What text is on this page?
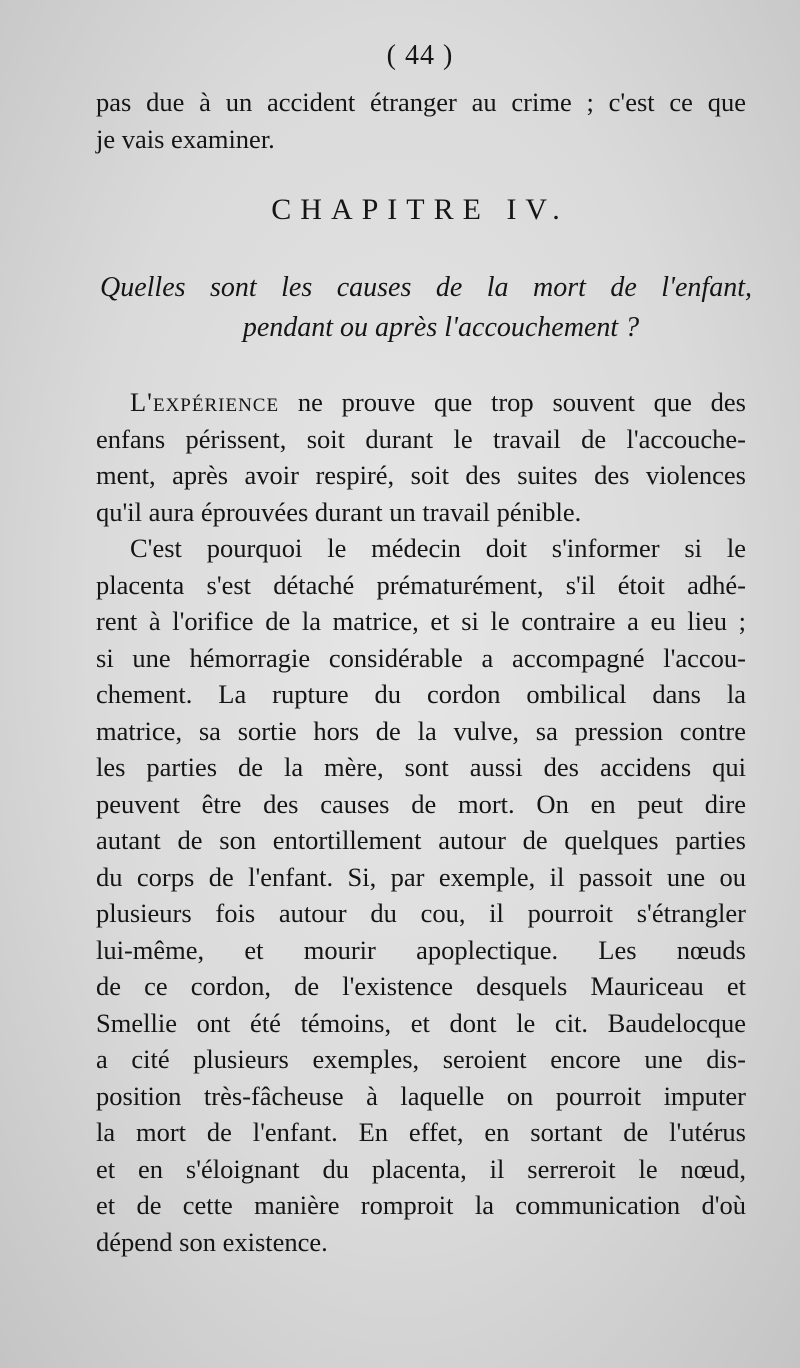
( 44 )
pas due à un accident étranger au crime ; c'est ce que
je vais examiner.
CHAPITRE IV.
Quelles sont les causes de la mort de l'enfant,
pendant ou après l'accouchement ?
L'expérience ne prouve que trop souvent que des
enfans périssent, soit durant le travail de l'accouche-
ment, après avoir respiré, soit des suites des violences
qu'il aura éprouvées durant un travail pénible.
C'est pourquoi le médecin doit s'informer si le
placenta s'est détaché prématurément, s'il étoit adhé-
rent à l'orifice de la matrice, et si le contraire a eu lieu ;
si une hémorragie considérable a accompagné l'accou-
chement. La rupture du cordon ombilical dans la
matrice, sa sortie hors de la vulve, sa pression contre
les parties de la mère, sont aussi des accidens qui
peuvent être des causes de mort. On en peut dire
autant de son entortillement autour de quelques parties
du corps de l'enfant. Si, par exemple, il passoit une ou
plusieurs fois autour du cou, il pourroit s'étrangler
lui-même, et mourir apoplectique. Les nœuds
de ce cordon, de l'existence desquels Mauriceau et
Smellie ont été témoins, et dont le cit. Baudelocque
a cité plusieurs exemples, seroient encore une dis-
position très-fâcheuse à laquelle on pourroit imputer
la mort de l'enfant. En effet, en sortant de l'utérus
et en s'éloignant du placenta, il serreroit le nœud,
et de cette manière romproit la communication d'où
dépend son existence.
